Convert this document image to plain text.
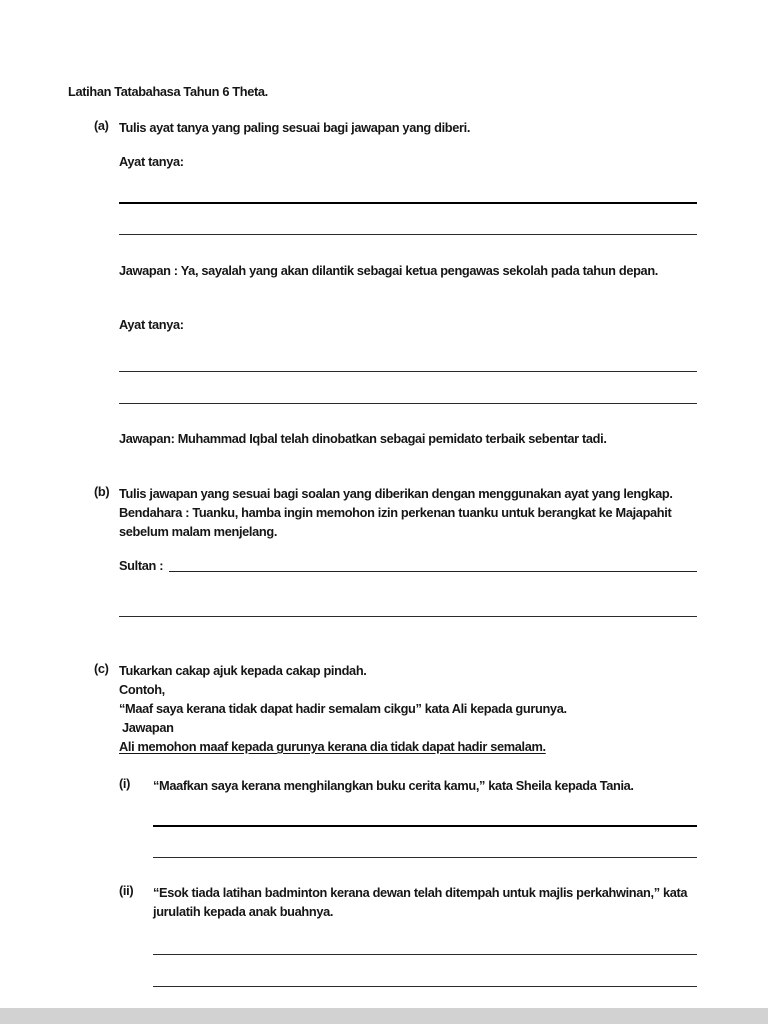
Latihan Tatabahasa Tahun 6 Theta.
(a) Tulis ayat tanya yang paling sesuai bagi jawapan yang diberi.
Ayat tanya:
Jawapan : Ya, sayalah yang akan dilantik sebagai ketua pengawas sekolah pada tahun depan.
Ayat tanya:
Jawapan: Muhammad Iqbal telah dinobatkan sebagai pemidato terbaik sebentar tadi.
(b) Tulis jawapan yang sesuai bagi soalan yang diberikan dengan menggunakan ayat yang lengkap.
Bendahara : Tuanku, hamba ingin memohon izin perkenan tuanku untuk berangkat ke Majapahit sebelum malam menjelang.
Sultan :
(c) Tukarkan cakap ajuk kepada cakap pindah.
Contoh,
“Maaf saya kerana tidak dapat hadir semalam cikgu” kata Ali kepada gurunya.
Jawapan
Ali memohon maaf kepada gurunya kerana dia tidak dapat hadir semalam.
(i)	“Maafkan saya kerana menghilangkan buku cerita kamu,” kata Sheila kepada Tania.
(ii)	“Esok tiada latihan badminton kerana dewan telah ditempah untuk majlis perkahwinan,” kata jurulatih kepada anak buahnya.
